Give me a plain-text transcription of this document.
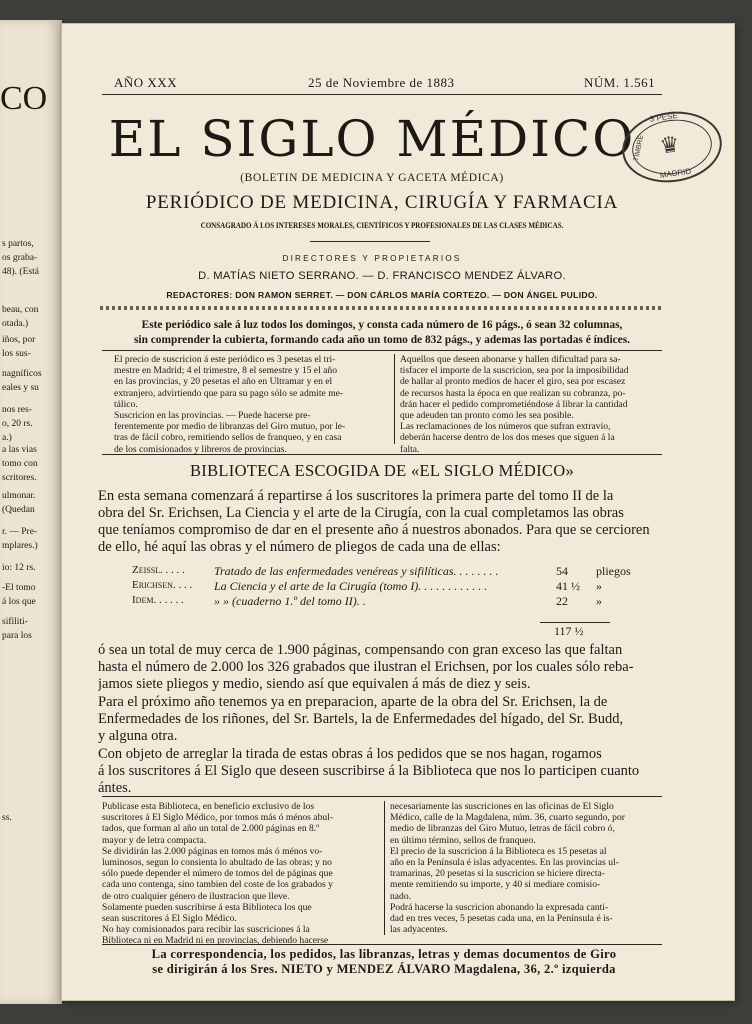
CO
s partos,
os graba-
48). (Está
beau, con
otada.)
iños, por
los sus-
nagníficos
eales y su
nos res-
o, 20 rs.
a.)
a las vias
tomo con
scritores.
ulmonar.
(Quedan
r. — Pre-
mplares.)
io: 12 rs.
-El tomo
á los que
sifiliti-
para los
ss.
AÑO XXX	25 de Noviembre de 1883	NÚM. 1.561
EL SIGLO MÉDICO
(BOLETIN DE MEDICINA Y GACETA MÉDICA)
PERIÓDICO DE MEDICINA, CIRUGÍA Y FARMACIA
CONSAGRADO Á LOS INTERESES MORALES, CIENTÍFICOS Y PROFESIONALES DE LAS CLASES MÉDICAS.
3 PESE
♛
TIMBRE
MADRID
DIRECTORES Y PROPIETARIOS
D. MATÍAS NIETO SERRANO. — D. FRANCISCO MENDEZ ÁLVARO.
REDACTORES: DON RAMON SERRET. — DON CÁRLOS MARÍA CORTEZO. — DON ÁNGEL PULIDO.
Este periódico sale á luz todos los domingos, y consta cada número de 16 págs., ó sean 32 columnas,
sin comprender la cubierta, formando cada año un tomo de 832 págs., y ademas las portadas é índices.
El precio de suscricion á este periódico es 3 pesetas el tri-
mestre en Madrid; 4 el trimestre, 8 el semestre y 15 el año
en las provincias, y 20 pesetas el año en Ultramar y en el
extranjero, advirtiendo que para su pago sólo se admite me-
tálico.
Suscricion en las provincias. — Puede hacerse pre-
ferentemente por medio de libranzas del Giro mutuo, por le-
tras de fácil cobro, remitiendo sellos de franqueo, y en casa
de los comisionados y libreros de provincias.
Aquellos que deseen abonarse y hallen dificultad para sa-
tisfacer el importe de la suscricion, sea por la imposibilidad
de hallar al pronto medios de hacer el giro, sea por escasez
de recursos hasta la época en que realizan su cobranza, po-
drán hacer el pedido comprometiéndose á librar la cantidad
que adeuden tan pronto como les sea posible.
Las reclamaciones de los números que sufran extravío,
deberán hacerse dentro de los dos meses que siguen á la
falta.
BIBLIOTECA ESCOGIDA DE «EL SIGLO MÉDICO»
En esta semana comenzará á repartirse á los suscritores la primera parte del tomo II de la
obra del Sr. Erichsen, La Ciencia y el arte de la Cirugía, con la cual completamos las obras
que teníamos compromiso de dar en el presente año á nuestros abonados. Para que se cercioren
de ello, hé aquí las obras y el número de pliegos de cada una de ellas:
Zeissl. . . . . Tratado de las enfermedades venéreas y sifilíticas. . . . . . . .	54 pliegos
Erichsen. . . . La Ciencia y el arte de la Cirugía (tomo I). . . . . . . . . . . .	41 ½ »
Idem. . . . . .	» » (cuaderno 1.º del tomo II). .	22 »
117 ½
ó sea un total de muy cerca de 1.900 páginas, compensando con gran exceso las que faltan
hasta el número de 2.000 los 326 grabados que ilustran el Erichsen, por los cuales sólo reba-
jamos siete pliegos y medio, siendo así que equivalen á más de diez y seis.
Para el próximo año tenemos ya en preparacion, aparte de la obra del Sr. Erichsen, la de
Enfermedades de los riñones, del Sr. Bartels, la de Enfermedades del hígado, del Sr. Budd,
y alguna otra.
Con objeto de arreglar la tirada de estas obras á los pedidos que se nos hagan, rogamos
á los suscritores á El Siglo que deseen suscribirse á la Biblioteca que nos lo participen cuanto
ántes.
Publícase esta Biblioteca, en beneficio exclusivo de los
suscritores á El Siglo Médico, por tomos más ó ménos abul-
tados, que forman al año un total de 2.000 páginas en 8.º
mayor y de letra compacta.
Se dividirán las 2.000 páginas en tomos más ó ménos vo-
luminosos, segun lo consienta lo abultado de las obras; y no
sólo puede depender el número de tomos del de páginas que
cada uno contenga, sino tambien del coste de los grabados y
de otro cualquier género de ilustracion que lleve.
Solamente pueden suscribirse á esta Biblioteca los que
sean suscritores á El Siglo Médico.
No hay comisionados para recibir las suscriciones á la
Biblioteca ni en Madrid ni en provincias, debiendo hacerse
necesariamente las suscriciones en las oficinas de El Siglo
Médico, calle de la Magdalena, núm. 36, cuarto segundo, por
medio de libranzas del Giro Mutuo, letras de fácil cobro ó,
en último término, sellos de franqueo.
El precio de la suscricion á la Biblioteca es 15 pesetas al
año en la Península é islas adyacentes. En las provincias ul-
tramarinas, 20 pesetas si la suscricion se hiciere directa-
mente remitiendo su importe, y 40 si mediare comisio-
nado.
Podrá hacerse la suscricion abonando la expresada canti-
dad en tres veces, 5 pesetas cada una, en la Península é is-
las adyacentes.
La correspondencia, los pedidos, las libranzas, letras y demas documentos de Giro
se dirigirán á los Sres. NIETO y MENDEZ ÁLVARO Magdalena, 36, 2.º izquierda
